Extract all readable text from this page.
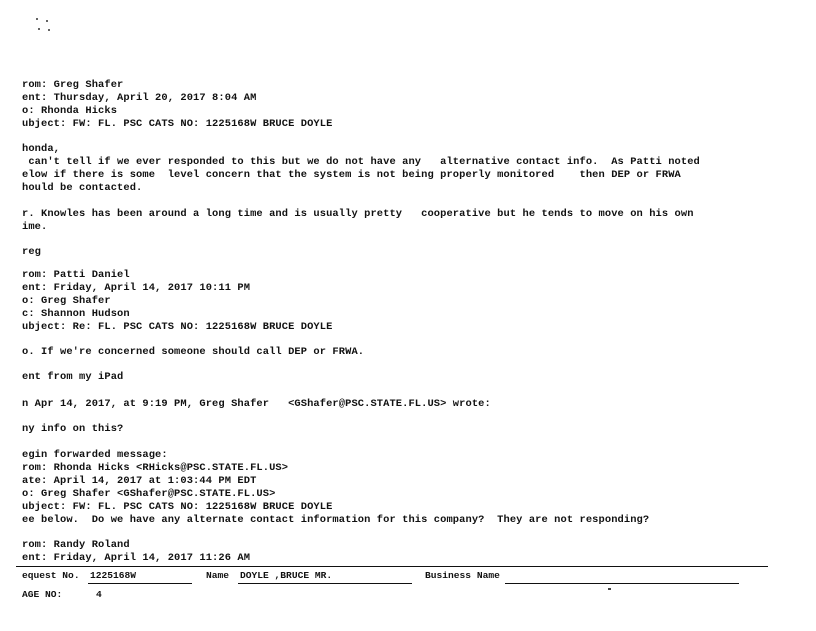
rom: Greg Shafer
ent: Thursday, April 20, 2017 8:04 AM
o: Rhonda Hicks
ubject: FW: FL. PSC CATS NO: 1225168W BRUCE DOYLE
honda,
can't tell if we ever responded to this but we do not have any   alternative contact info.  As Patti noted
elow if there is some  level concern that the system is not being properly monitored    then DEP or FRWA
hould be contacted.
r. Knowles has been around a long time and is usually pretty   cooperative but he tends to move on his own
ime.
reg
rom: Patti Daniel
ent: Friday, April 14, 2017 10:11 PM
o: Greg Shafer
c: Shannon Hudson
ubject: Re: FL. PSC CATS NO: 1225168W BRUCE DOYLE
o. If we're concerned someone should call DEP or FRWA.
ent from my iPad
n Apr 14, 2017, at 9:19 PM, Greg Shafer   <GShafer@PSC.STATE.FL.US> wrote:
ny info on this?
egin forwarded message:
rom: Rhonda Hicks <RHicks@PSC.STATE.FL.US>
ate: April 14, 2017 at 1:03:44 PM EDT
o: Greg Shafer <GShafer@PSC.STATE.FL.US>
ubject: FW: FL. PSC CATS NO: 1225168W BRUCE DOYLE
ee below.  Do we have any alternate contact information for this company?  They are not responding?
rom: Randy Roland
ent: Friday, April 14, 2017 11:26 AM
equest No. 1225168W	Name DOYLE ,BRUCE MR.	Business Name
AGE NO:	4
